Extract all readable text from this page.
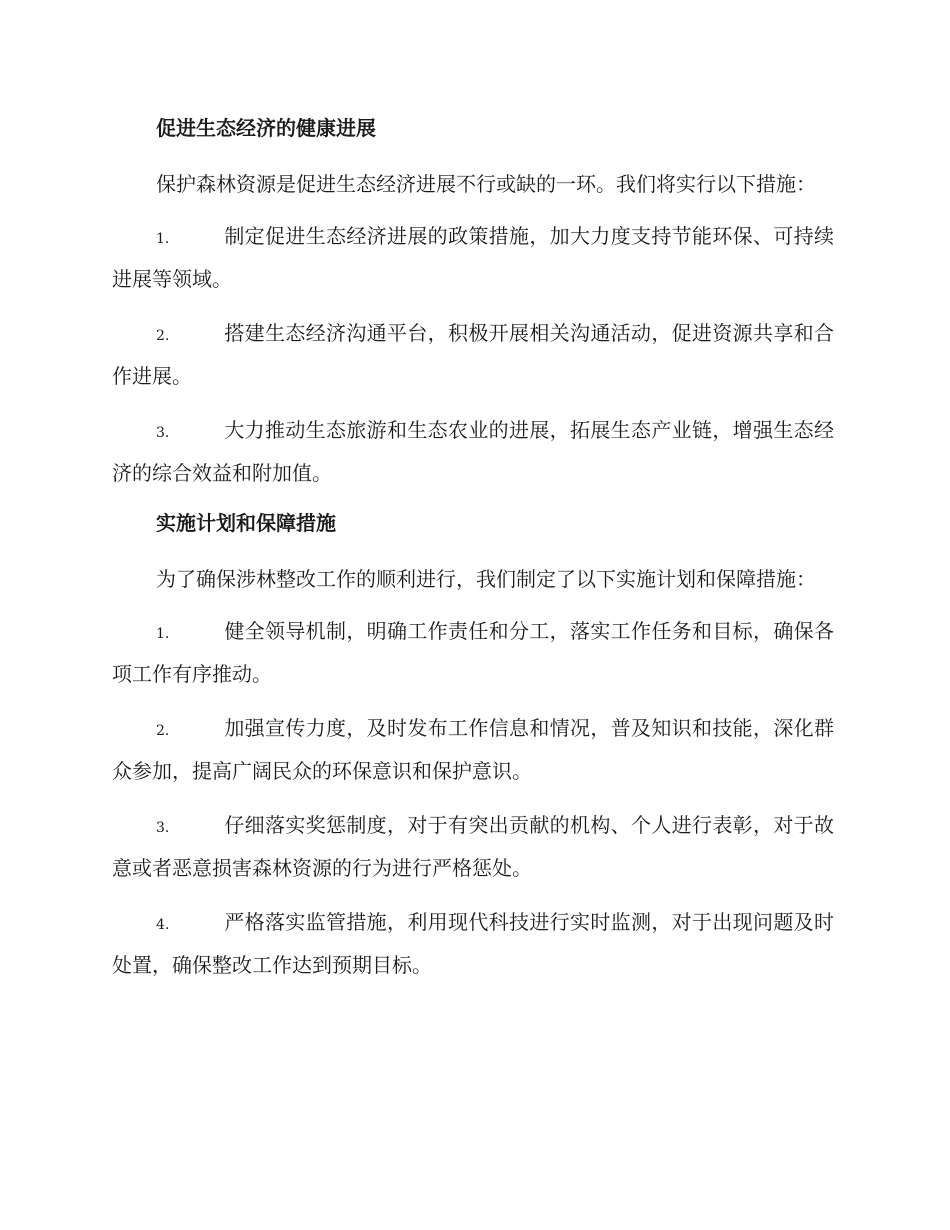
促进生态经济的健康进展
保护森林资源是促进生态经济进展不行或缺的一环。我们将实行以下措施：
1.	制定促进生态经济进展的政策措施，加大力度支持节能环保、可持续进展等领域。
2.	搭建生态经济沟通平台，积极开展相关沟通活动，促进资源共享和合作进展。
3.	大力推动生态旅游和生态农业的进展，拓展生态产业链，增强生态经济的综合效益和附加值。
实施计划和保障措施
为了确保涉林整改工作的顺利进行，我们制定了以下实施计划和保障措施：
1.	健全领导机制，明确工作责任和分工，落实工作任务和目标，确保各项工作有序推动。
2.	加强宣传力度，及时发布工作信息和情况，普及知识和技能，深化群众参加，提高广阔民众的环保意识和保护意识。
3.	仔细落实奖惩制度，对于有突出贡献的机构、个人进行表彰，对于故意或者恶意损害森林资源的行为进行严格惩处。
4.	严格落实监管措施，利用现代科技进行实时监测，对于出现问题及时处置，确保整改工作达到预期目标。
